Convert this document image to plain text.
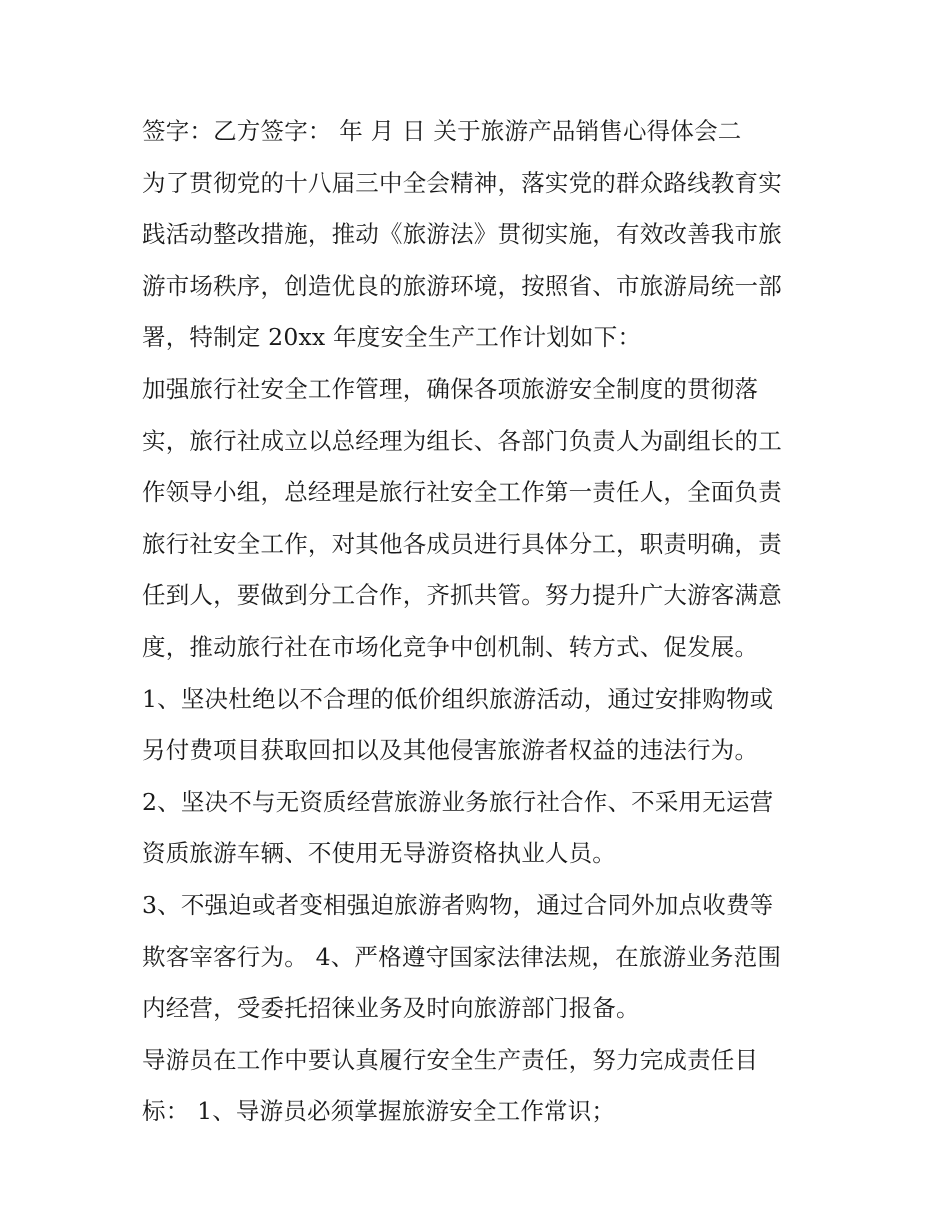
签字：乙方签字： 年 月 日 关于旅游产品销售心得体会二
为了贯彻党的十八届三中全会精神，落实党的群众路线教育实
践活动整改措施，推动《旅游法》贯彻实施，有效改善我市旅
游市场秩序，创造优良的旅游环境，按照省、市旅游局统一部
署，特制定 20xx 年度安全生产工作计划如下：
加强旅行社安全工作管理，确保各项旅游安全制度的贯彻落
实，旅行社成立以总经理为组长、各部门负责人为副组长的工
作领导小组，总经理是旅行社安全工作第一责任人，全面负责
旅行社安全工作，对其他各成员进行具体分工，职责明确，责
任到人，要做到分工合作，齐抓共管。努力提升广大游客满意
度，推动旅行社在市场化竞争中创机制、转方式、促发展。
1、坚决杜绝以不合理的低价组织旅游活动，通过安排购物或
另付费项目获取回扣以及其他侵害旅游者权益的违法行为。
2、坚决不与无资质经营旅游业务旅行社合作、不采用无运营
资质旅游车辆、不使用无导游资格执业人员。
3、不强迫或者变相强迫旅游者购物，通过合同外加点收费等
欺客宰客行为。 4、严格遵守国家法律法规，在旅游业务范围
内经营，受委托招徕业务及时向旅游部门报备。
导游员在工作中要认真履行安全生产责任，努力完成责任目
标： 1、导游员必须掌握旅游安全工作常识；
